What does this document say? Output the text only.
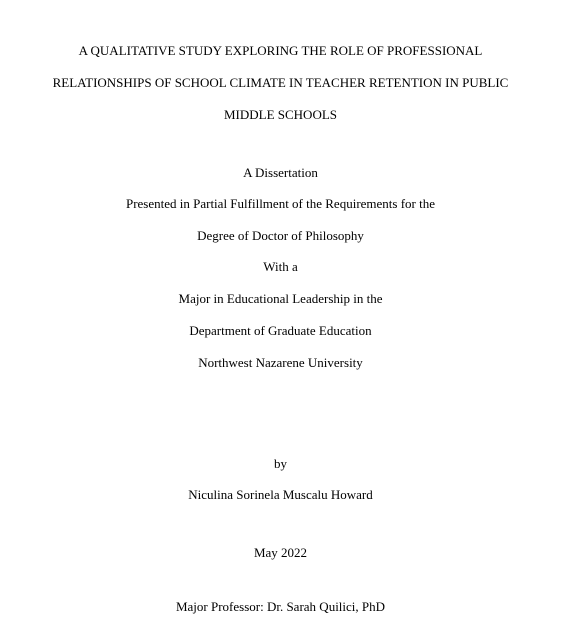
A QUALITATIVE STUDY EXPLORING THE ROLE OF PROFESSIONAL
RELATIONSHIPS OF SCHOOL CLIMATE IN TEACHER RETENTION IN PUBLIC
MIDDLE SCHOOLS
A Dissertation
Presented in Partial Fulfillment of the Requirements for the
Degree of Doctor of Philosophy
With a
Major in Educational Leadership in the
Department of Graduate Education
Northwest Nazarene University
by
Niculina Sorinela Muscalu Howard
May 2022
Major Professor: Dr. Sarah Quilici, PhD
